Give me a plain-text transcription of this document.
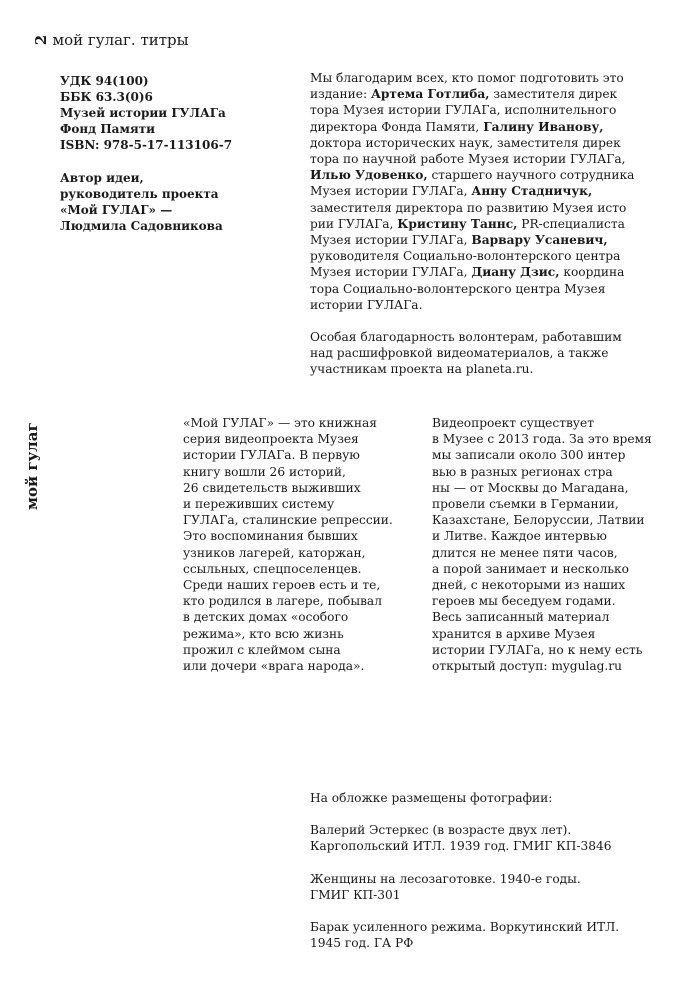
2 мой гулаг. титры
мой гулаг
УДК 94(100)
ББК 63.3(0)6
Музей истории ГУЛАГа
Фонд Памяти
ISBN: 978-5-17-113106-7
Автор идеи,
руководитель проекта
«Мой ГУЛАГ» —
Людмила Садовникова
Мы благодарим всех, кто помог подготовить это
издание: Артема Готлиба, заместителя дирек
тора Музея истории ГУЛАГа, исполнительного
директора Фонда Памяти, Галину Иванову,
доктора исторических наук, заместителя дирек
тора по научной работе Музея истории ГУЛАГа,
Илью Удовенко, старшего научного сотрудника
Музея истории ГУЛАГа, Анну Стадничук,
заместителя директора по развитию Музея исто
рии ГУЛАГа, Кристину Таннс, PR-специалиста
Музея истории ГУЛАГа, Варвару Усаневич,
руководителя Социально-волонтерского центра
Музея истории ГУЛАГа, Диану Дзис, координа
тора Социально-волонтерского центра Музея
истории ГУЛАГа.
Особая благодарность волонтерам, работавшим
над расшифровкой видеоматериалов, а также
участникам проекта на planeta.ru.
«Мой ГУЛАГ» — это книжная
серия видеопроекта Музея
истории ГУЛАГа. В первую
книгу вошли 26 историй,
26 свидетельств выживших
и переживших систему
ГУЛАГа, сталинские репрессии.
Это воспоминания бывших
узников лагерей, каторжан,
ссыльных, спецпоселенцев.
Среди наших героев есть и те,
кто родился в лагере, побывал
в детских домах «особого
режима», кто всю жизнь
прожил с клеймом сына
или дочери «врага народа».
Видеопроект существует
в Музее с 2013 года. За это время
мы записали около 300 интер
вью в разных регионах стра
ны — от Москвы до Магадана,
провели съемки в Германии,
Казахстане, Белоруссии, Латвии
и Литве. Каждое интервью
длится не менее пяти часов,
а порой занимает и несколько
дней, с некоторыми из наших
героев мы беседуем годами.
Весь записанный материал
хранится в архиве Музея
истории ГУЛАГа, но к нему есть
открытый доступ: mygulag.ru
На обложке размещены фотографии:
Валерий Эстеркес (в возрасте двух лет).
Каргопольский ИТЛ. 1939 год. ГМИГ КП-3846
Женщины на лесозаготовке. 1940-е годы.
ГМИГ КП-301
Барак усиленного режима. Воркутинский ИТЛ.
1945 год. ГА РФ
